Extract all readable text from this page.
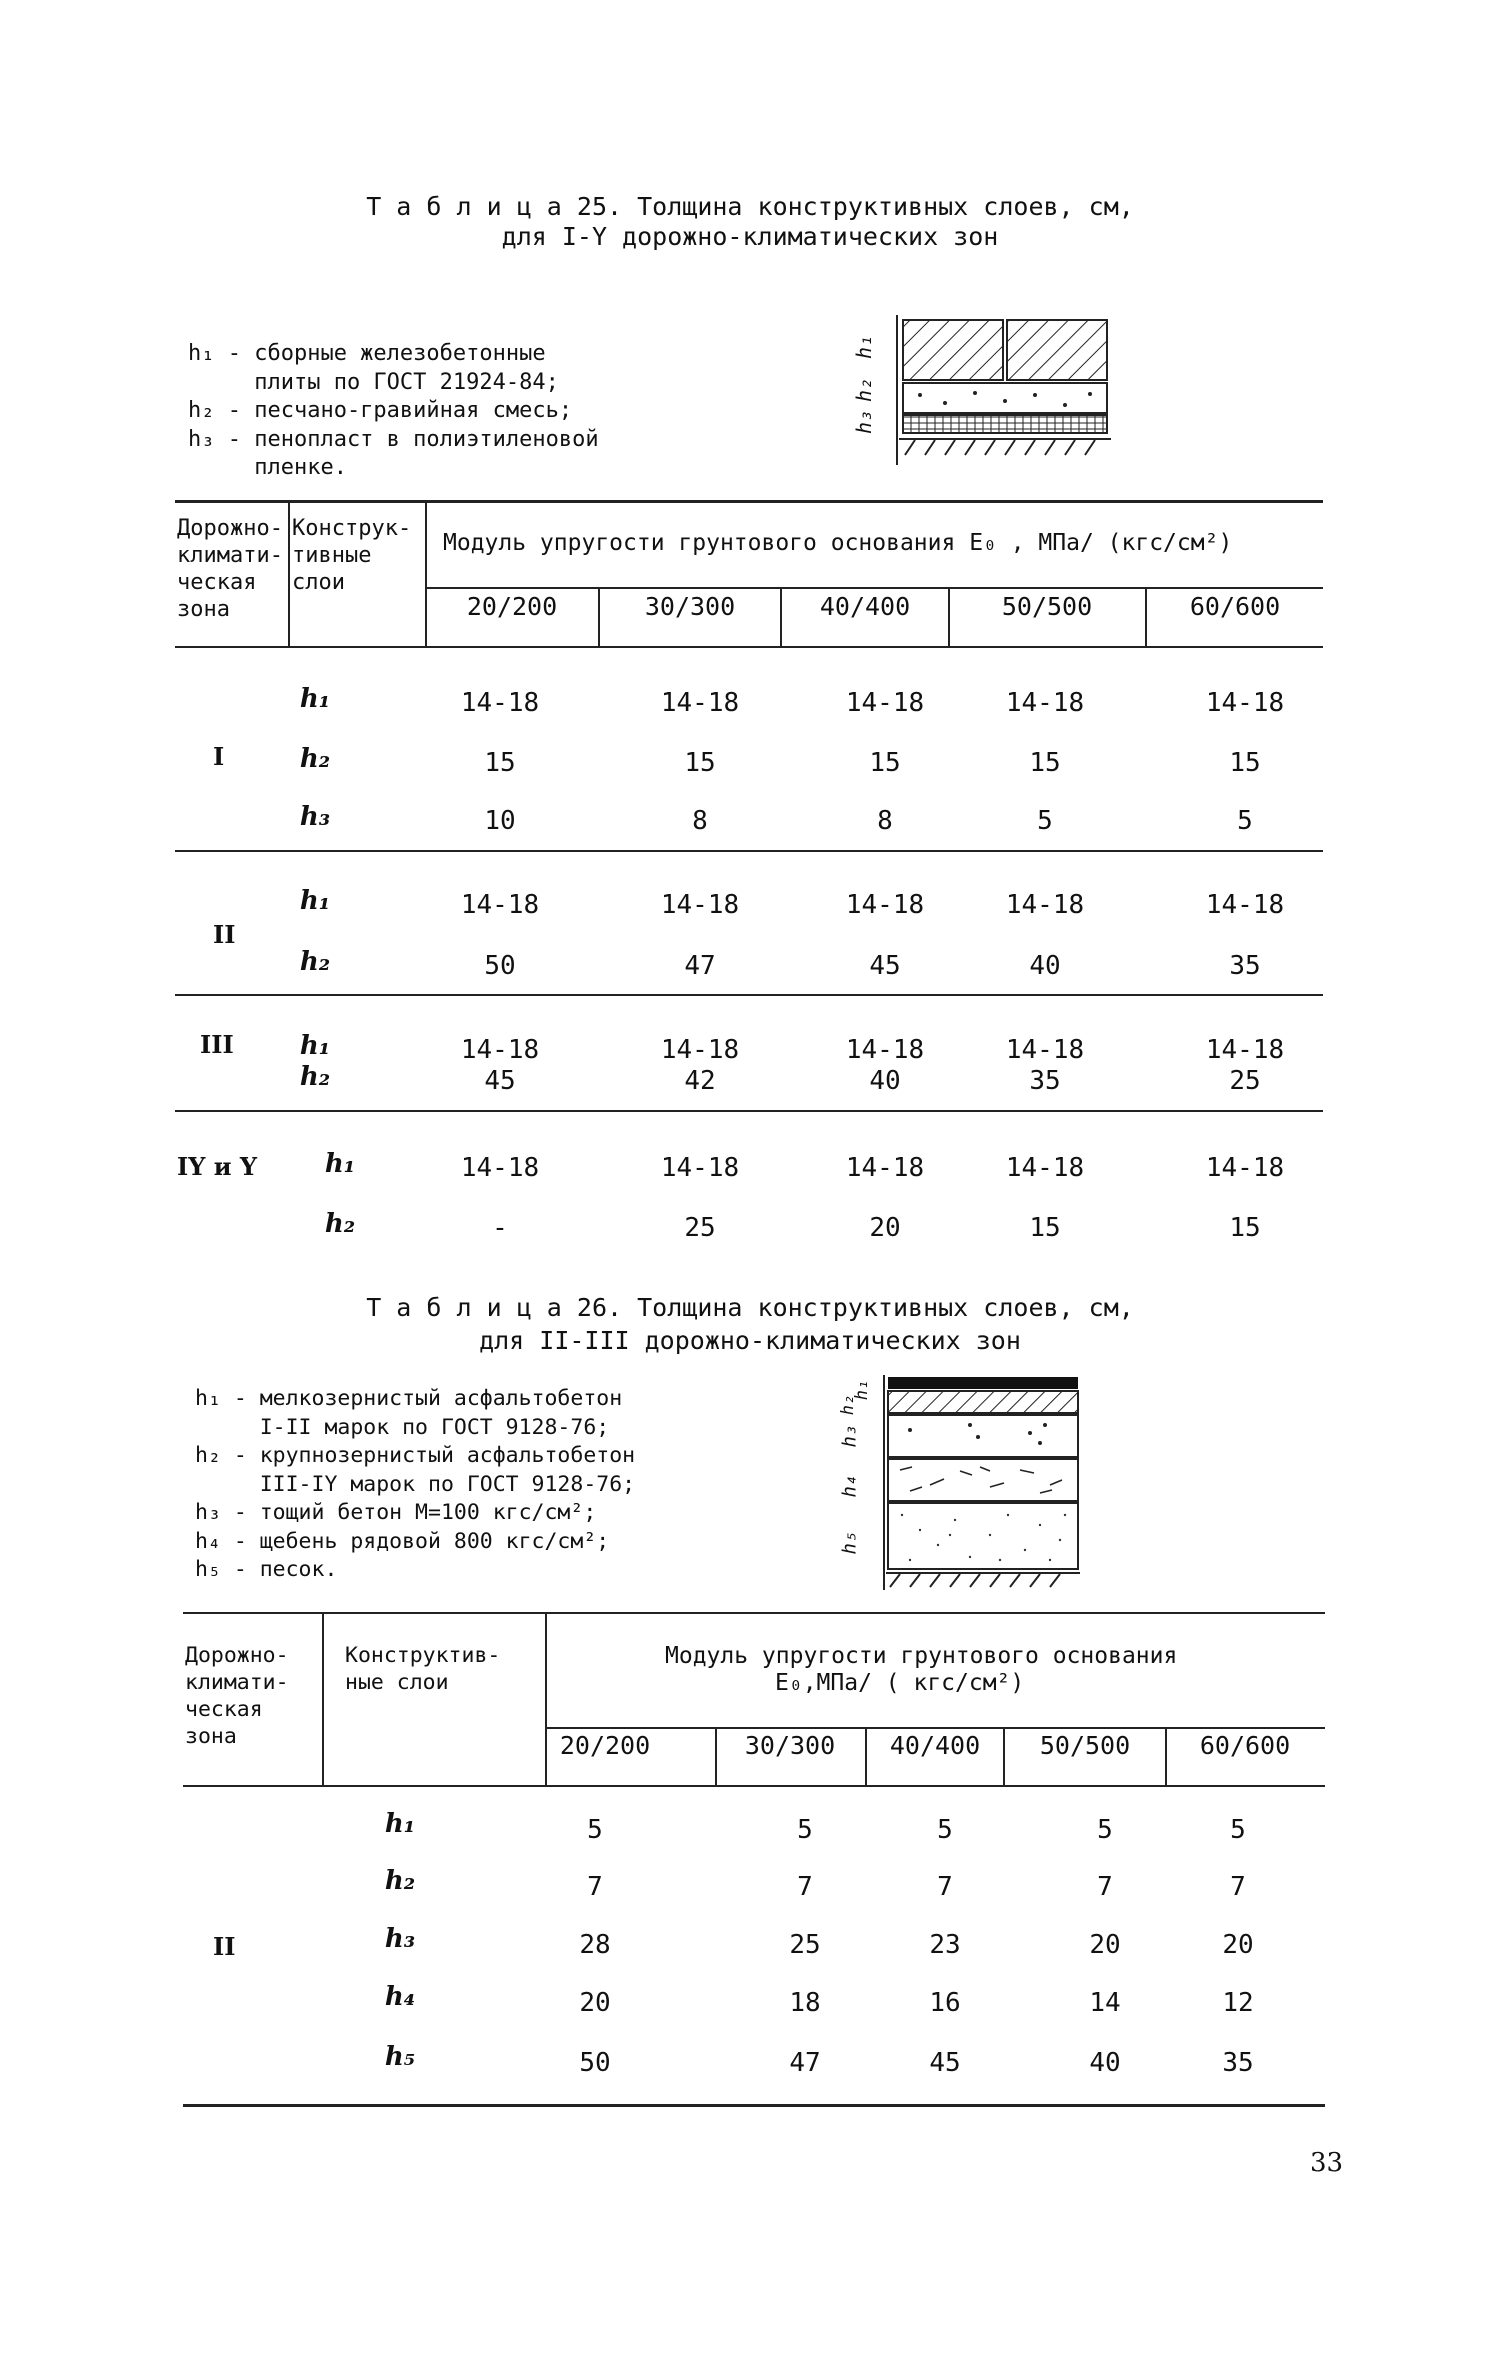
Т а б л и ц а 25. Толщина конструктивных слоев, см,
для I-Y дорожно-климатических зон
h₁ - сборные железобетонные
плиты по ГОСТ 21924-84;
h₂ - песчано-гравийная смесь;
h₃ - пенопласт в полиэтиленовой
пленке.
h₃
h₂
h₁
Дорожно-
климати-
ческая
зона
Конструк-
тивные
слои
Модуль упругости грунтового основания E₀ , МПа/ (кгс/см²)
20/200	30/300	40/400	50/500	60/600
I
h₁	14-18	14-18	14-18	14-18	14-18
h₂	15	15	15	15	15
h₃	10	8	8	5	5
II
h₁	14-18	14-18	14-18	14-18	14-18
h₂	50	47	45	40	35
III	h₁	14-18	14-18	14-18	14-18	14-18
h₂	45	42	40	35	25
IY и Y	h₁	14-18	14-18	14-18	14-18	14-18
h₂	-	25	20	15	15
Т а б л и ц а 26. Толщина конструктивных слоев, см,
для II-III дорожно-климатических зон
h₁ - мелкозернистый асфальтобетон
I-II марок по ГОСТ 9128-76;
h₂ - крупнозернистый асфальтобетон
III-IY марок по ГОСТ 9128-76;
h₃ - тощий бетон М=100 кгс/см²;
h₄ - щебень рядовой 800 кгс/см²;
h₅ - песок.
h₅
h₄
h₃
h₂
h₁
Дорожно-
климати-
ческая
зона
Конструктив-
ные слои
Модуль упругости грунтового основания
E₀,МПа/ ( кгс/см²)
20/200	30/300	40/400	50/500	60/600
II
h₁	5	5	5	5	5
h₂	7	7	7	7	7
h₃	28	25	23	20	20
h₄	20	18	16	14	12
h₅	50	47	45	40	35
33
